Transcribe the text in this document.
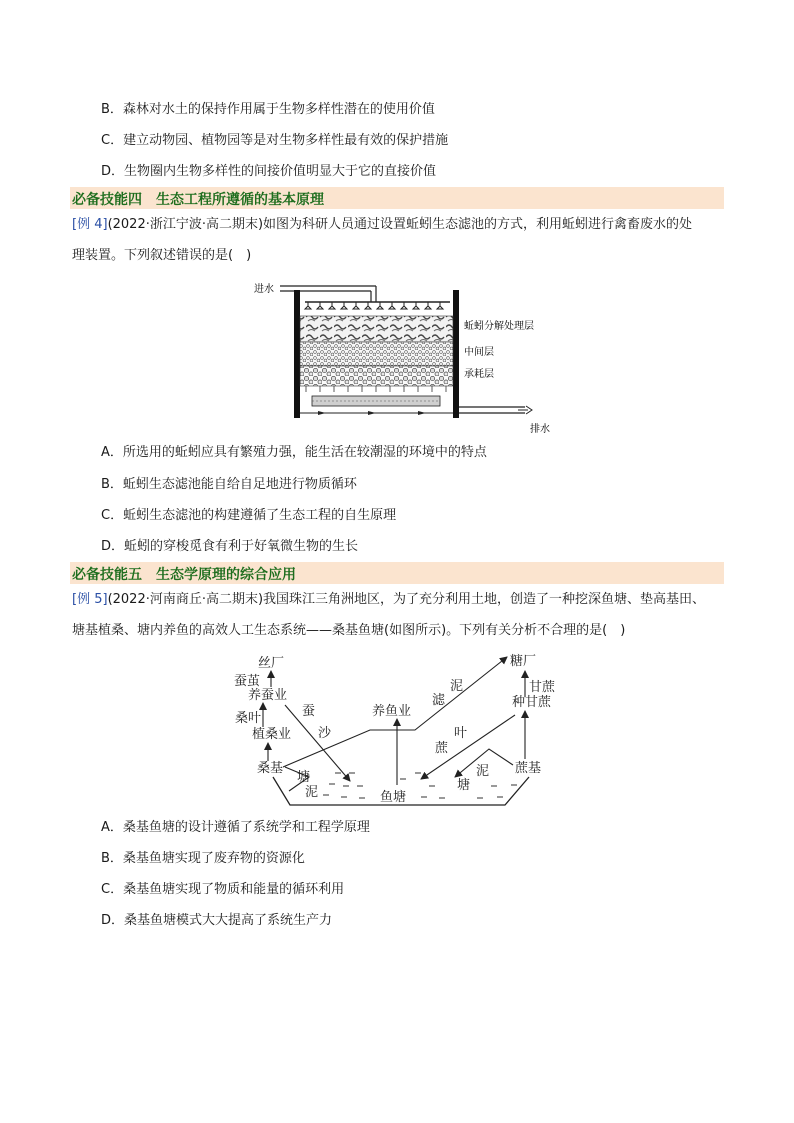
B．森林对水土的保持作用属于生物多样性潜在的使用价值
C．建立动物园、植物园等是对生物多样性最有效的保护措施
D．生物圈内生物多样性的间接价值明显大于它的直接价值
必备技能四　生态工程所遵循的基本原理
[例 4](2022·浙江宁波·高二期末)如图为科研人员通过设置蚯蚓生态滤池的方式，利用蚯蚓进行禽畜废水的处
理装置。下列叙述错误的是(　)
进水
蚯蚓分解处理层
中间层
承耗层
排水
A．所选用的蚯蚓应具有繁殖力强，能生活在较潮湿的环境中的特点
B．蚯蚓生态滤池能自给自足地进行物质循环
C．蚯蚓生态滤池的构建遵循了生态工程的自生原理
D．蚯蚓的穿梭觅食有利于好氧微生物的生长
必备技能五　生态学原理的综合应用
[例 5](2022·河南商丘·高二期末)我国珠江三角洲地区，为了充分利用土地，创造了一种挖深鱼塘、垫高基田、
塘基植桑、塘内养鱼的高效人工生态系统——桑基鱼塘(如图所示)。下列有关分析不合理的是(　)
丝厂
蚕茧
养蚕业
桑叶
植桑业
桑基
蚕
沙
养鱼业
泥
滤
糖厂
甘蔗
种甘蔗
叶
蔗
蔗基
塘
泥
泥
塘
鱼塘
A．桑基鱼塘的设计遵循了系统学和工程学原理
B．桑基鱼塘实现了废弃物的资源化
C．桑基鱼塘实现了物质和能量的循环利用
D．桑基鱼塘模式大大提高了系统生产力
